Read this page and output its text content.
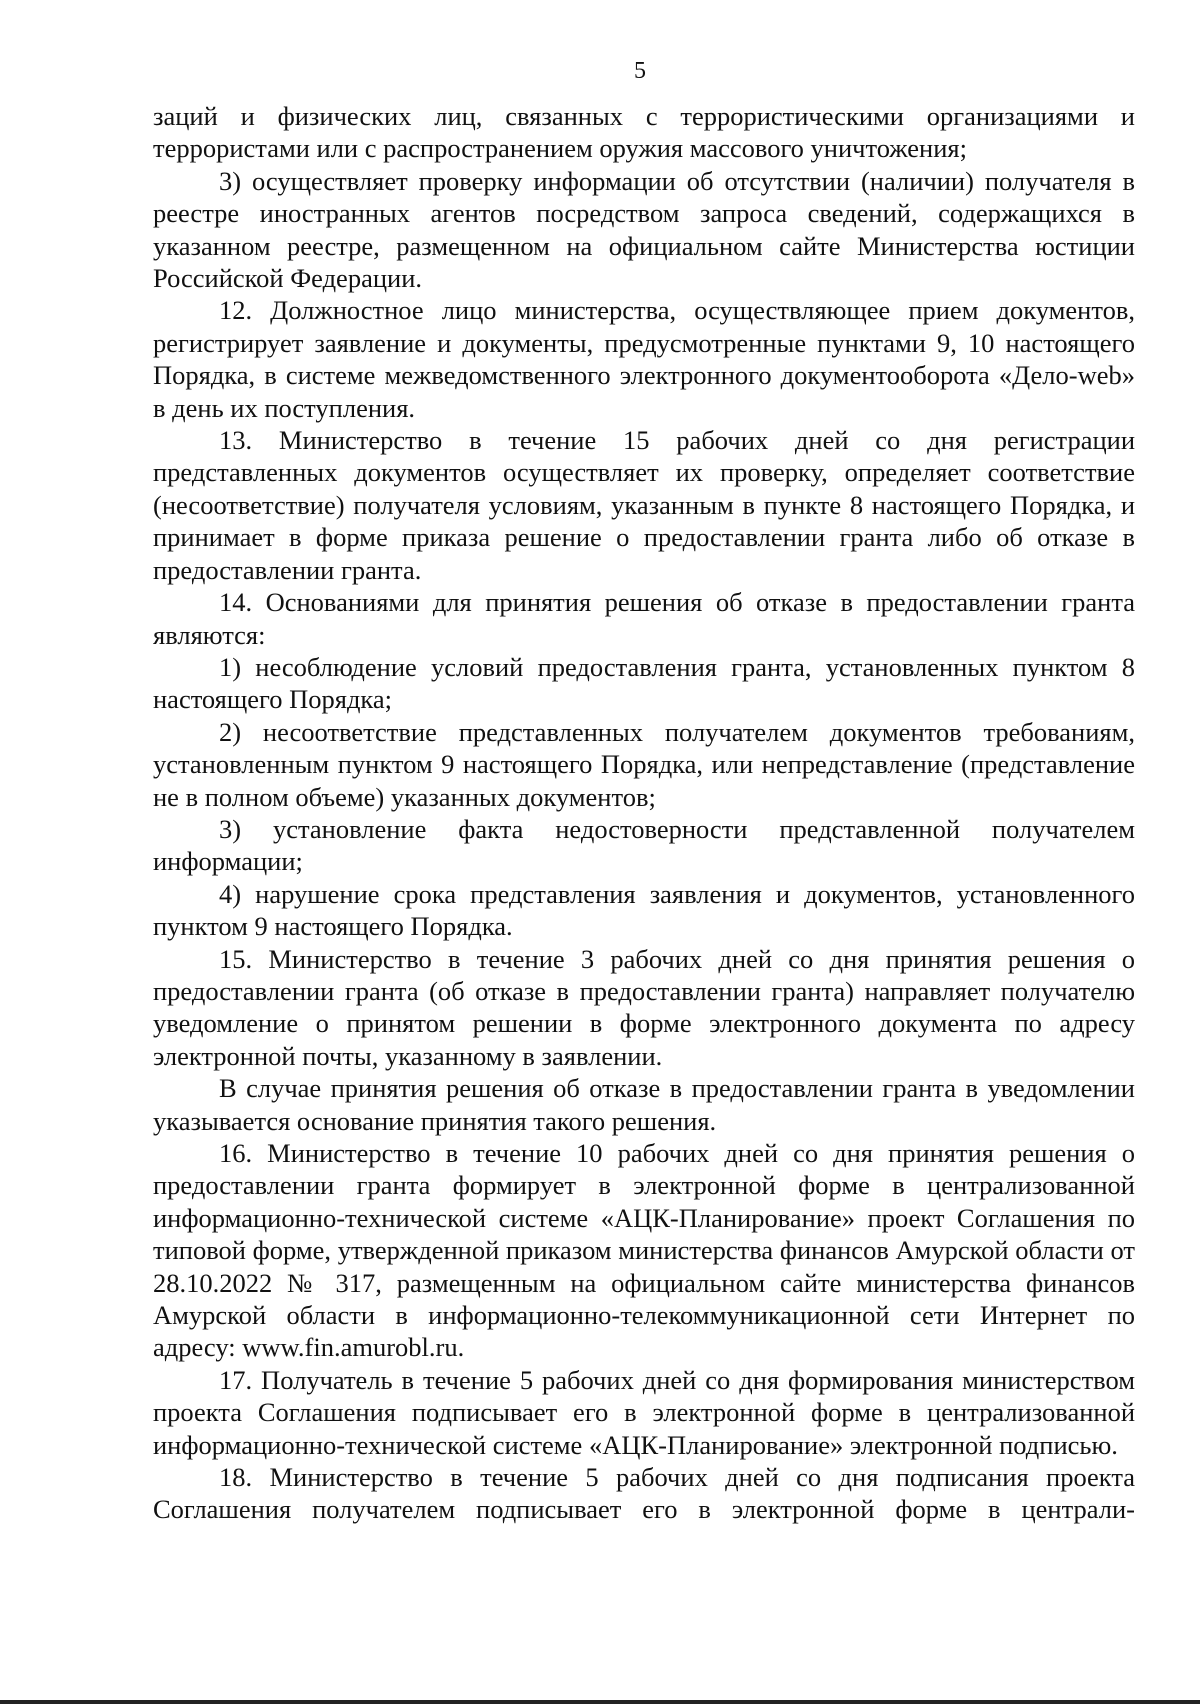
5

заций и физических лиц, связанных с террористическими организациями и террористами или с распространением оружия массового уничтожения;

3) осуществляет проверку информации об отсутствии (наличии) получателя в реестре иностранных агентов посредством запроса сведений, содержащихся в указанном реестре, размещенном на официальном сайте Министерства юстиции Российской Федерации.

12. Должностное лицо министерства, осуществляющее прием документов, регистрирует заявление и документы, предусмотренные пунктами 9, 10 настоящего Порядка, в системе межведомственного электронного документооборота «Дело-web» в день их поступления.

13. Министерство в течение 15 рабочих дней со дня регистрации представленных документов осуществляет их проверку, определяет соответствие (несоответствие) получателя условиям, указанным в пункте 8 настоящего Порядка, и принимает в форме приказа решение о предоставлении гранта либо об отказе в предоставлении гранта.

14. Основаниями для принятия решения об отказе в предоставлении гранта являются:

1) несоблюдение условий предоставления гранта, установленных пунктом 8 настоящего Порядка;

2) несоответствие представленных получателем документов требованиям, установленным пунктом 9 настоящего Порядка, или непредставление (представление не в полном объеме) указанных документов;

3) установление факта недостоверности представленной получателем информации;

4) нарушение срока представления заявления и документов, установленного пунктом 9 настоящего Порядка.

15. Министерство в течение 3 рабочих дней со дня принятия решения о предоставлении гранта (об отказе в предоставлении гранта) направляет получателю уведомление о принятом решении в форме электронного документа по адресу электронной почты, указанному в заявлении.

В случае принятия решения об отказе в предоставлении гранта в уведомлении указывается основание принятия такого решения.

16. Министерство в течение 10 рабочих дней со дня принятия решения о предоставлении гранта формирует в электронной форме в централизованной информационно-технической системе «АЦК-Планирование» проект Соглашения по типовой форме, утвержденной приказом министерства финансов Амурской области от 28.10.2022 № 317, размещенным на официальном сайте министерства финансов Амурской области в информационно-телекоммуникационной сети Интернет по адресу: www.fin.amurobl.ru.

17. Получатель в течение 5 рабочих дней со дня формирования министерством проекта Соглашения подписывает его в электронной форме в централизованной информационно-технической системе «АЦК-Планирование» электронной подписью.

18. Министерство в течение 5 рабочих дней со дня подписания проекта Соглашения получателем подписывает его в электронной форме в централи-
